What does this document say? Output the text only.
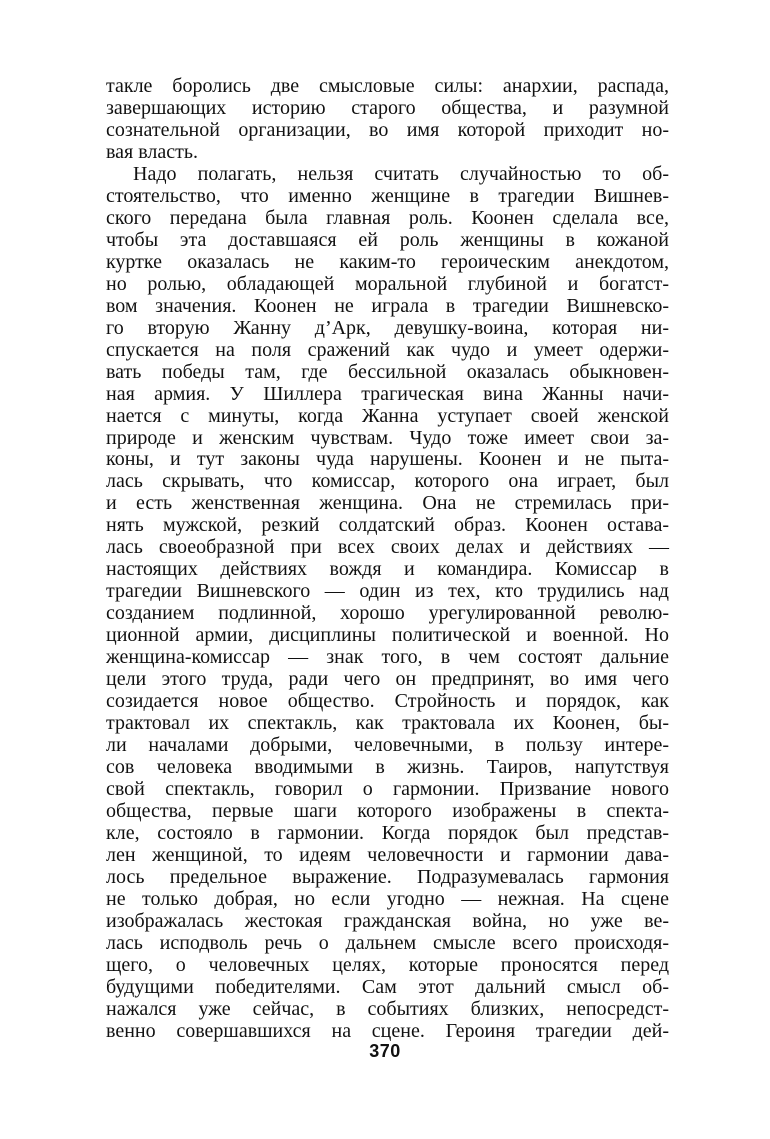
такле боролись две смысловые силы: анархии, распада,
завершающих историю старого общества, и разумной
сознательной организации, во имя которой приходит но-
вая власть.
Надо полагать, нельзя считать случайностью то об-
стоятельство, что именно женщине в трагедии Вишнев-
ского передана была главная роль. Коонен сделала все,
чтобы эта доставшаяся ей роль женщины в кожаной
куртке оказалась не каким-то героическим анекдотом,
но ролью, обладающей моральной глубиной и богатст-
вом значения. Коонен не играла в трагедии Вишневско-
го вторую Жанну д’Арк, девушку-воина, которая ни-
спускается на поля сражений как чудо и умеет одержи-
вать победы там, где бессильной оказалась обыкновен-
ная армия. У Шиллера трагическая вина Жанны начи-
нается с минуты, когда Жанна уступает своей женской
природе и женским чувствам. Чудо тоже имеет свои за-
коны, и тут законы чуда нарушены. Коонен и не пыта-
лась скрывать, что комиссар, которого она играет, был
и есть женственная женщина. Она не стремилась при-
нять мужской, резкий солдатский образ. Коонен остава-
лась своеобразной при всех своих делах и действиях —
настоящих действиях вождя и командира. Комиссар в
трагедии Вишневского — один из тех, кто трудились над
созданием подлинной, хорошо урегулированной револю-
ционной армии, дисциплины политической и военной. Но
женщина-комиссар — знак того, в чем состоят дальние
цели этого труда, ради чего он предпринят, во имя чего
созидается новое общество. Стройность и порядок, как
трактовал их спектакль, как трактовала их Коонен, бы-
ли началами добрыми, человечными, в пользу интере-
сов человека вводимыми в жизнь. Таиров, напутствуя
свой спектакль, говорил о гармонии. Призвание нового
общества, первые шаги которого изображены в спекта-
кле, состояло в гармонии. Когда порядок был представ-
лен женщиной, то идеям человечности и гармонии дава-
лось предельное выражение. Подразумевалась гармония
не только добрая, но если угодно — нежная. На сцене
изображалась жестокая гражданская война, но уже ве-
лась исподволь речь о дальнем смысле всего происходя-
щего, о человечных целях, которые проносятся перед
будущими победителями. Сам этот дальний смысл об-
нажался уже сейчас, в событиях близких, непосредст-
венно совершавшихся на сцене. Героиня трагедии дей-
370
